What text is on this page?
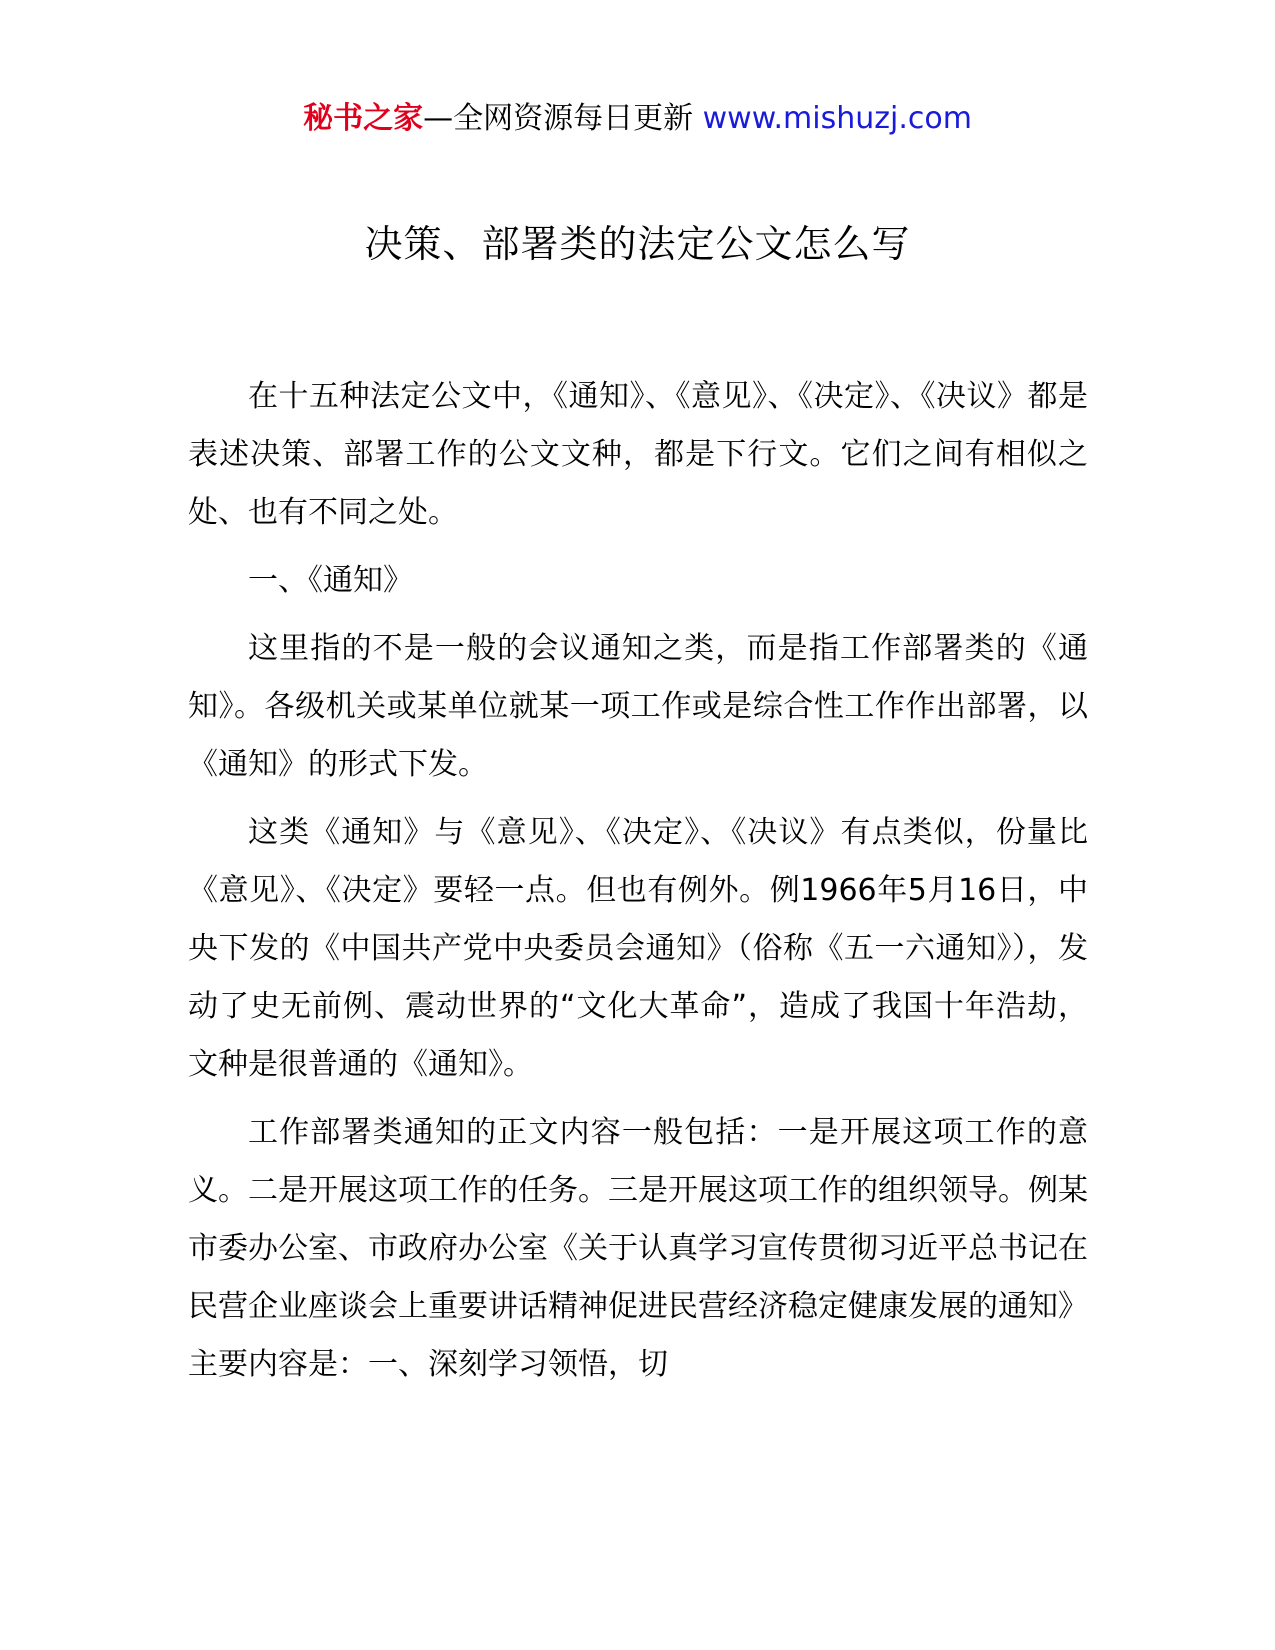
秘书之家—全网资源每日更新 www.mishuzj.com
决策、部署类的法定公文怎么写

在十五种法定公文中，《通知》、《意见》、《决定》、《决议》都是表述决策、部署工作的公文文种，都是下行文。它们之间有相似之处、也有不同之处。

一、《通知》

这里指的不是一般的会议通知之类，而是指工作部署类的《通知》。各级机关或某单位就某一项工作或是综合性工作作出部署，以《通知》的形式下发。

这类《通知》与《意见》、《决定》、《决议》有点类似，份量比《意见》、《决定》要轻一点。但也有例外。例1966年5月16日，中央下发的《中国共产党中央委员会通知》（俗称《五一六通知》），发动了史无前例、震动世界的“文化大革命”，造成了我国十年浩劫，文种是很普通的《通知》。

工作部署类通知的正文内容一般包括：一是开展这项工作的意义。二是开展这项工作的任务。三是开展这项工作的组织领导。例某市委办公室、市政府办公室《关于认真学习宣传贯彻习近平总书记在民营企业座谈会上重要讲话精神促进民营经济稳定健康发展的通知》主要内容是：一、深刻学习领悟，切
